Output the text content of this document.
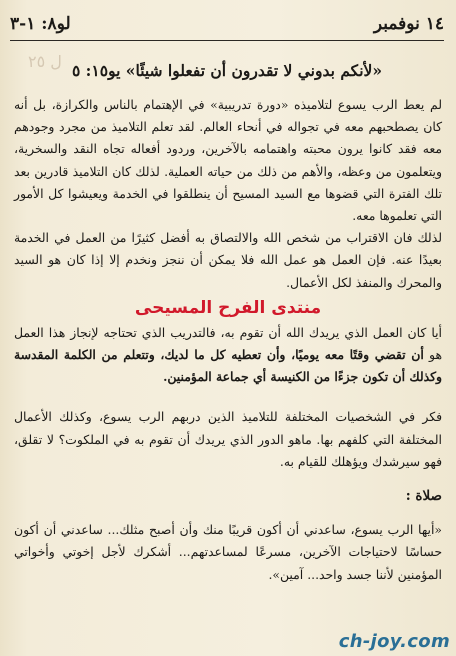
١٤ نوفمبر
لو٨: ١-٣
ل ٢٥ «لأنكم بدوني لا تقدرون أن تفعلوا شيئًا» يو١٥: ٥

لم يعط الرب يسوع لتلاميذه «دورة تدريبية» في الإهتمام بالناس والكرازة، بل أنه كان يصطحبهم معه في تجواله في أنحاء العالم. لقد تعلم التلاميذ من مجرد وجودهم معه فقد كانوا يرون محبته واهتمامه بالآخرين، وردود أفعاله تجاه النقد والسخرية، ويتعلمون من وعظه، والأهم من ذلك من حياته العملية. لذلك كان التلاميذ قادرين بعد تلك الفترة التي قضوها مع السيد المسيح أن ينطلقوا في الخدمة ويعيشوا كل الأمور التي تعلموها معه.

لذلك فان الاقتراب من شخص الله والالتصاق به أفضل كثيرًا من العمل في الخدمة بعيدًا عنه. فإن العمل هو عمل الله فلا يمكن أن ننجز ونخدم إلا إذا كان هو السيد والمحرك والمنفذ لكل الأعمال.

منتدى الفرح المسيحى

أيا كان العمل الذي يريدك الله أن تقوم به، فالتدريب الذي تحتاجه لإنجاز هذا العمل هو أن تقضي وقتًا معه يوميًا، وأن تعطيه كل ما لديك، وتتعلم من الكلمة المقدسة وكذلك أن تكون جزءًا من الكنيسة أي جماعة المؤمنين.

فكر في الشخصيات المختلفة للتلاميذ الذين دربهم الرب يسوع، وكذلك الأعمال المختلفة التي كلفهم بها. ماهو الدور الذي يريدك أن تقوم به في الملكوت؟ لا تقلق، فهو سيرشدك ويؤهلك للقيام به.

صلاة :

«أيها الرب يسوع، ساعدني أن أكون قريبًا منك وأن أصبح مثلك... ساعدني أن أكون حساسًا لاحتياجات الآخرين، مسرعًا لمساعدتهم... أشكرك لأجل إخوتي وأخواتي المؤمنين لأننا جسد واحد... آمين».

ch-joy.com
